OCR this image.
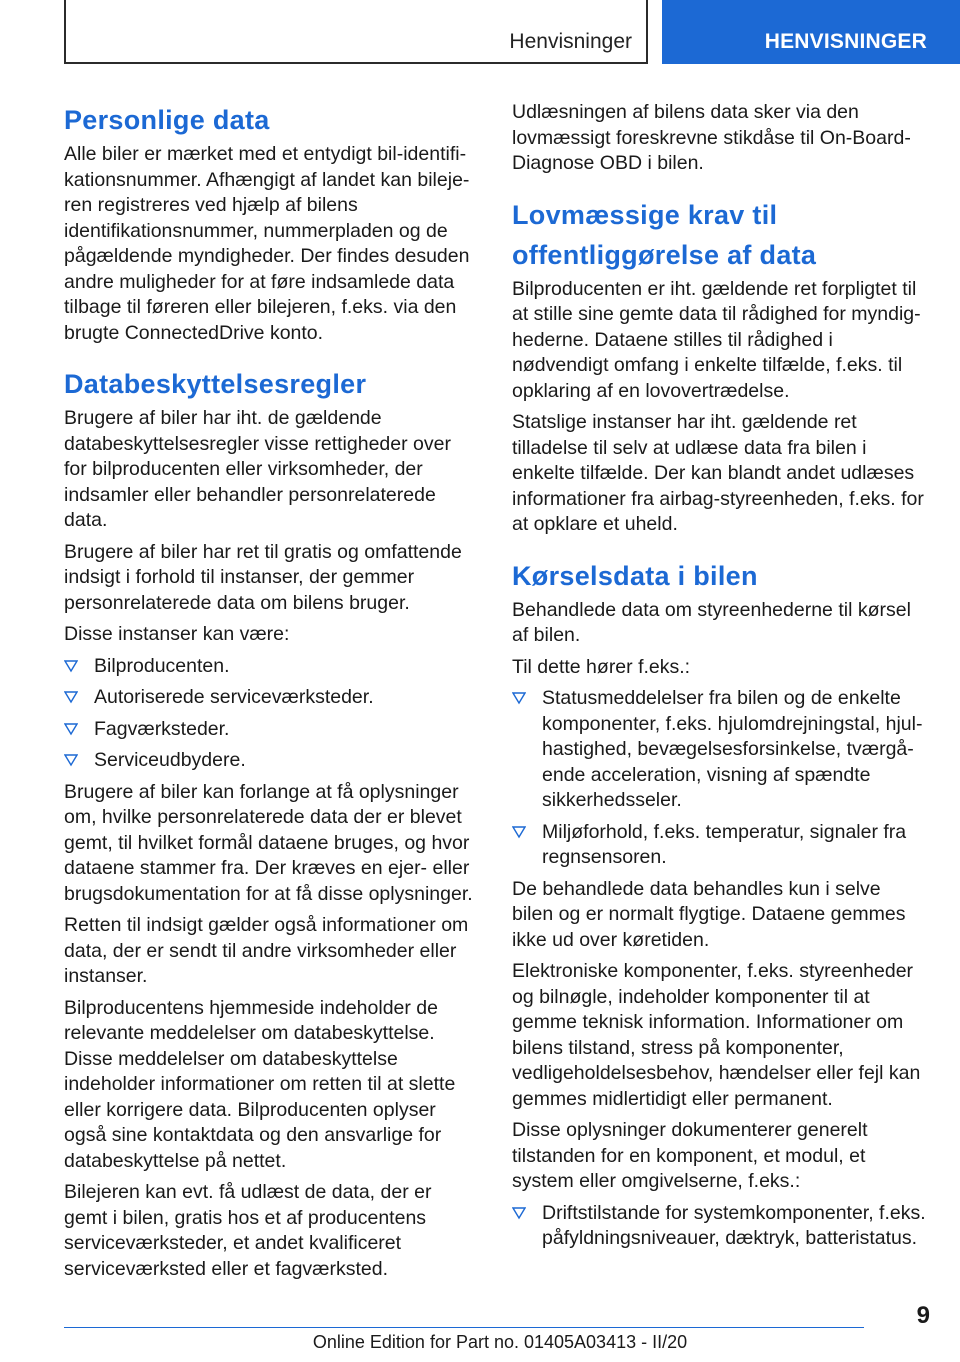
Henvisninger	HENVISNINGER
Personlige data

Alle biler er mærket med et entydigt bil-identifikationsnummer. Afhængigt af landet kan bilejeren registreres ved hjælp af bilens identifikationsnummer, nummerpladen og de pågældende myndigheder. Der findes desuden andre muligheder for at føre indsamlede data tilbage til føreren eller bilejeren, f.eks. via den brugte ConnectedDrive konto.

Databeskyttelsesregler

Brugere af biler har iht. de gældende databeskyttelsesregler visse rettigheder over for bilproducenten eller virksomheder, der indsamler eller behandler personrelaterede data.

Brugere af biler har ret til gratis og omfattende indsigt i forhold til instanser, der gemmer personrelaterede data om bilens bruger.

Disse instanser kan være:

Bilproducenten.
Autoriserede serviceværksteder.
Fagværksteder.
Serviceudbydere.

Brugere af biler kan forlange at få oplysninger om, hvilke personrelaterede data der er blevet gemt, til hvilket formål dataene bruges, og hvor dataene stammer fra. Der kræves en ejer- eller brugsdokumentation for at få disse oplysninger.

Retten til indsigt gælder også informationer om data, der er sendt til andre virksomheder eller instanser.

Bilproducentens hjemmeside indeholder de relevante meddelelser om databeskyttelse. Disse meddelelser om databeskyttelse indeholder informationer om retten til at slette eller korrigere data. Bilproducenten oplyser også sine kontaktdata og den ansvarlige for databeskyttelse på nettet.

Bilejeren kan evt. få udlæst de data, der er gemt i bilen, gratis hos et af producentens serviceværksteder, et andet kvalificeret serviceværksted eller et fagværksted.

Udlæsningen af bilens data sker via den lovmæssigt foreskrevne stikdåse til On-Board-Diagnose OBD i bilen.

Lovmæssige krav til offentliggørelse af data

Bilproducenten er iht. gældende ret forpligtet til at stille sine gemte data til rådighed for myndighederne. Dataene stilles til rådighed i nødvendigt omfang i enkelte tilfælde, f.eks. til opklaring af en lovovertrædelse.

Statslige instanser har iht. gældende ret tilladelse til selv at udlæse data fra bilen i enkelte tilfælde. Der kan blandt andet udlæses informationer fra airbag-styreenheden, f.eks. for at opklare et uheld.

Kørselsdata i bilen

Behandlede data om styreenhederne til kørsel af bilen.

Til dette hører f.eks.:

Statusmeddelelser fra bilen og de enkelte komponenter, f.eks. hjulomdrejningstal, hjulhastighed, bevægelsesforsinkelse, tværgående acceleration, visning af spændte sikkerhedsseler.
Miljøforhold, f.eks. temperatur, signaler fra regnsensoren.

De behandlede data behandles kun i selve bilen og er normalt flygtige. Dataene gemmes ikke ud over køretiden.

Elektroniske komponenter, f.eks. styreenheder og bilnøgle, indeholder komponenter til at gemme teknisk information. Informationer om bilens tilstand, stress på komponenter, vedligeholdelsesbehov, hændelser eller fejl kan gemmes midlertidigt eller permanent.

Disse oplysninger dokumenterer generelt tilstanden for en komponent, et modul, et system eller omgivelserne, f.eks.:

Driftstilstande for systemkomponenter, f.eks. påfyldningsniveauer, dæktryk, batteristatus.
9
Online Edition for Part no. 01405A03413 - II/20
